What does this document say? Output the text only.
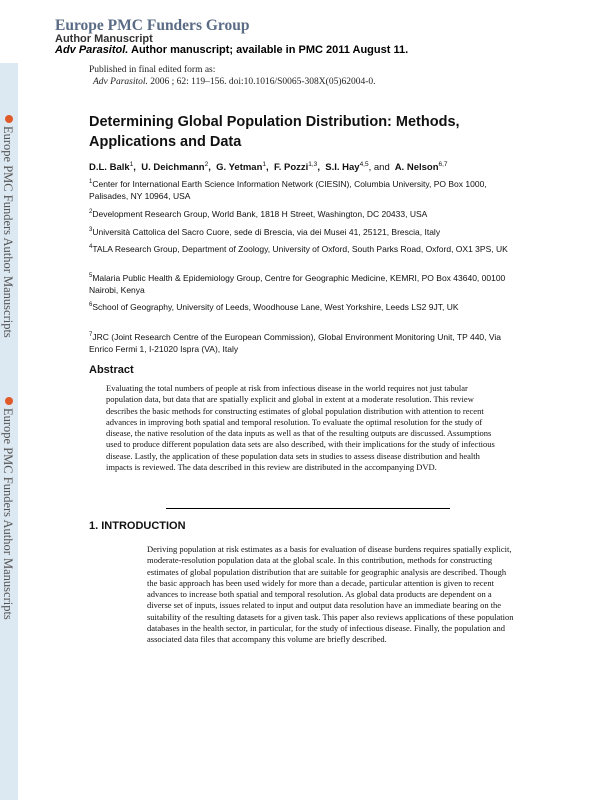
Europe PMC Funders Author Manuscripts
Europe PMC Funders Author Manuscripts
Europe PMC Funders Group
Author Manuscript
Adv Parasitol. Author manuscript; available in PMC 2011 August 11.
Published in final edited form as:
Adv Parasitol. 2006 ; 62: 119–156. doi:10.1016/S0065-308X(05)62004-0.
Determining Global Population Distribution: Methods, Applications and Data
D.L. Balk$^1$,  U. Deichmann$^2$,  G. Yetman$^1$,  F. Pozzi$^{1,3}$,  S.I. Hay$^{4,5}$, and  A. Nelson$^{6,7}$
$^1$Center for International Earth Science Information Network (CIESIN), Columbia University, PO Box 1000, Palisades, NY 10964, USA
$^2$Development Research Group, World Bank, 1818 H Street, Washington, DC 20433, USA
$^3$Università Cattolica del Sacro Cuore, sede di Brescia, via dei Musei 41, 25121, Brescia, Italy
$^4$TALA Research Group, Department of Zoology, University of Oxford, South Parks Road, Oxford, OX1 3PS, UK
$^5$Malaria Public Health & Epidemiology Group, Centre for Geographic Medicine, KEMRI, PO Box 43640, 00100 Nairobi, Kenya
$^6$School of Geography, University of Leeds, Woodhouse Lane, West Yorkshire, Leeds LS2 9JT, UK
$^7$JRC (Joint Research Centre of the European Commission), Global Environment Monitoring Unit, TP 440, Via Enrico Fermi 1, I-21020 Ispra (VA), Italy
Abstract
Evaluating the total numbers of people at risk from infectious disease in the world requires not just tabular population data, but data that are spatially explicit and global in extent at a moderate resolution. This review describes the basic methods for constructing estimates of global population distribution with attention to recent advances in improving both spatial and temporal resolution. To evaluate the optimal resolution for the study of disease, the native resolution of the data inputs as well as that of the resulting outputs are discussed. Assumptions used to produce different population data sets are also described, with their implications for the study of infectious disease. Lastly, the application of these population data sets in studies to assess disease distribution and health impacts is reviewed. The data described in this review are distributed in the accompanying DVD.
1. INTRODUCTION
Deriving population at risk estimates as a basis for evaluation of disease burdens requires spatially explicit, moderate-resolution population data at the global scale. In this contribution, methods for constructing estimates of global population distribution that are suitable for geographic analysis are described. Though the basic approach has been used widely for more than a decade, particular attention is given to recent advances to increase both spatial and temporal resolution. As global data products are dependent on a diverse set of inputs, issues related to input and output data resolution have an immediate bearing on the suitability of the resulting datasets for a given task. This paper also reviews applications of these population databases in the health sector, in particular, for the study of infectious disease. Finally, the population and associated data files that accompany this volume are briefly described.
